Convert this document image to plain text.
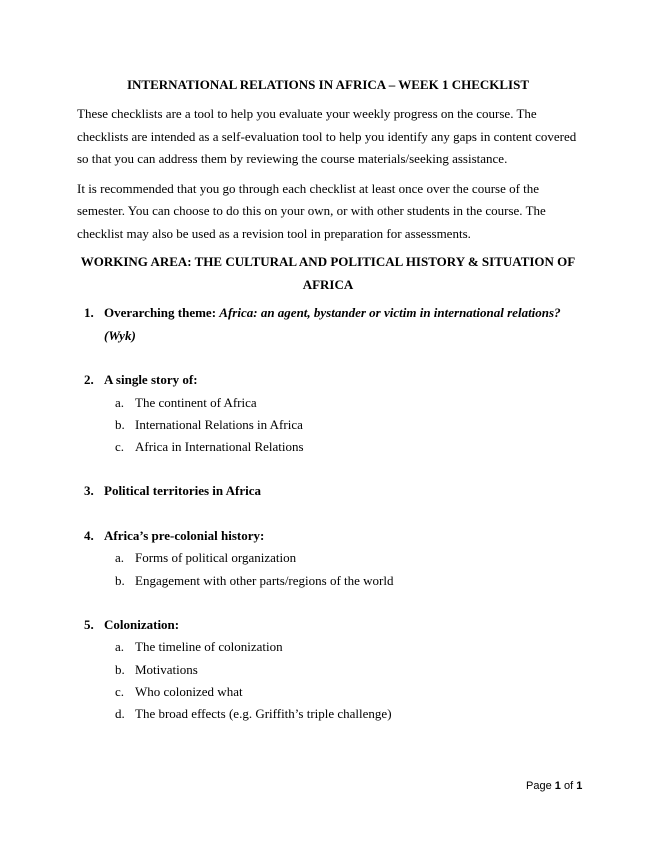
INTERNATIONAL RELATIONS IN AFRICA – WEEK 1 CHECKLIST

These checklists are a tool to help you evaluate your weekly progress on the course. The checklists are intended as a self-evaluation tool to help you identify any gaps in content covered so that you can address them by reviewing the course materials/seeking assistance.

It is recommended that you go through each checklist at least once over the course of the semester. You can choose to do this on your own, or with other students in the course. The checklist may also be used as a revision tool in preparation for assessments.

WORKING AREA: THE CULTURAL AND POLITICAL HISTORY & SITUATION OF AFRICA

1. Overarching theme: Africa: an agent, bystander or victim in international relations? (Wyk)
2. A single story of:
a. The continent of Africa
b. International Relations in Africa
c. Africa in International Relations
3. Political territories in Africa
4. Africa’s pre-colonial history:
a. Forms of political organization
b. Engagement with other parts/regions of the world
5. Colonization:
a. The timeline of colonization
b. Motivations
c. Who colonized what
d. The broad effects (e.g. Griffith’s triple challenge)
Page 1 of 1
